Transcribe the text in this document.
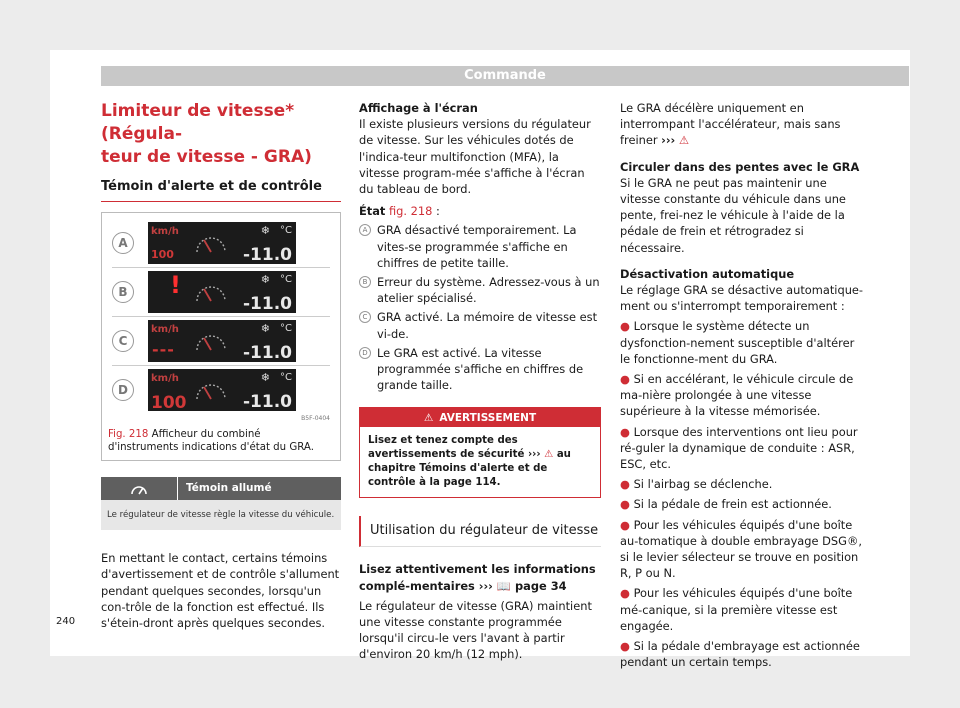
Commande

Limiteur de vitesse* (Régula-
teur de vitesse - GRA)

Témoin d'alerte et de contrôle

A
km/h
100
❄ °C
-11.0
B !	❄ °C
-11.0
C
km/h
---
❄ °C
-11.0
D
km/h
100
❄ °C
-11.0
B5F-0404
Fig. 218 Afficheur du combiné d'instruments indications d'état du GRA.
Témoin allumé
Le régulateur de vitesse règle la vitesse du véhicule.

En mettant le contact, certains témoins d'avertissement et de contrôle s'allument pendant quelques secondes, lorsqu'un con-trôle de la fonction est effectué. Ils s'étein-dront après quelques secondes.

Affichage à l'écran
Il existe plusieurs versions du régulateur de vitesse. Sur les véhicules dotés de l'indica-teur multifonction (MFA), la vitesse program-mée s'affiche à l'écran du tableau de bord.
État fig. 218 :
A GRA désactivé temporairement. La vites-se programmée s'affiche en chiffres de petite taille.
B Erreur du système. Adressez-vous à un atelier spécialisé.
C GRA activé. La mémoire de vitesse est vi-de.
D Le GRA est activé. La vitesse programmée s'affiche en chiffres de grande taille.
⚠ AVERTISSEMENT
Lisez et tenez compte des avertissements de sécurité ››› ⚠ au chapitre Témoins d'alerte et de contrôle à la page 114.
Utilisation du régulateur de vitesse
Lisez attentivement les informations complé-mentaires ››› 📖 page 34
Le régulateur de vitesse (GRA) maintient une vitesse constante programmée lorsqu'il circu-le vers l'avant à partir d'environ 20 km/h (12 mph).
Le GRA décélère uniquement en interrompant l'accélérateur, mais sans freiner ››› ⚠
Circuler dans des pentes avec le GRA
Si le GRA ne peut pas maintenir une vitesse constante du véhicule dans une pente, frei-nez le véhicule à l'aide de la pédale de frein et rétrogradez si nécessaire.
Désactivation automatique
Le réglage GRA se désactive automatique-ment ou s'interrompt temporairement :
● Lorsque le système détecte un dysfonction-nement susceptible d'altérer le fonctionne-ment du GRA.
● Si en accélérant, le véhicule circule de ma-nière prolongée à une vitesse supérieure à la vitesse mémorisée.
● Lorsque des interventions ont lieu pour ré-guler la dynamique de conduite : ASR, ESC, etc.
● Si l'airbag se déclenche.
● Si la pédale de frein est actionnée.
● Pour les véhicules équipés d'une boîte au-tomatique à double embrayage DSG®, si le levier sélecteur se trouve en position R, P ou N.
● Pour les véhicules équipés d'une boîte mé-canique, si la première vitesse est engagée.
● Si la pédale d'embrayage est actionnée pendant un certain temps.
240
